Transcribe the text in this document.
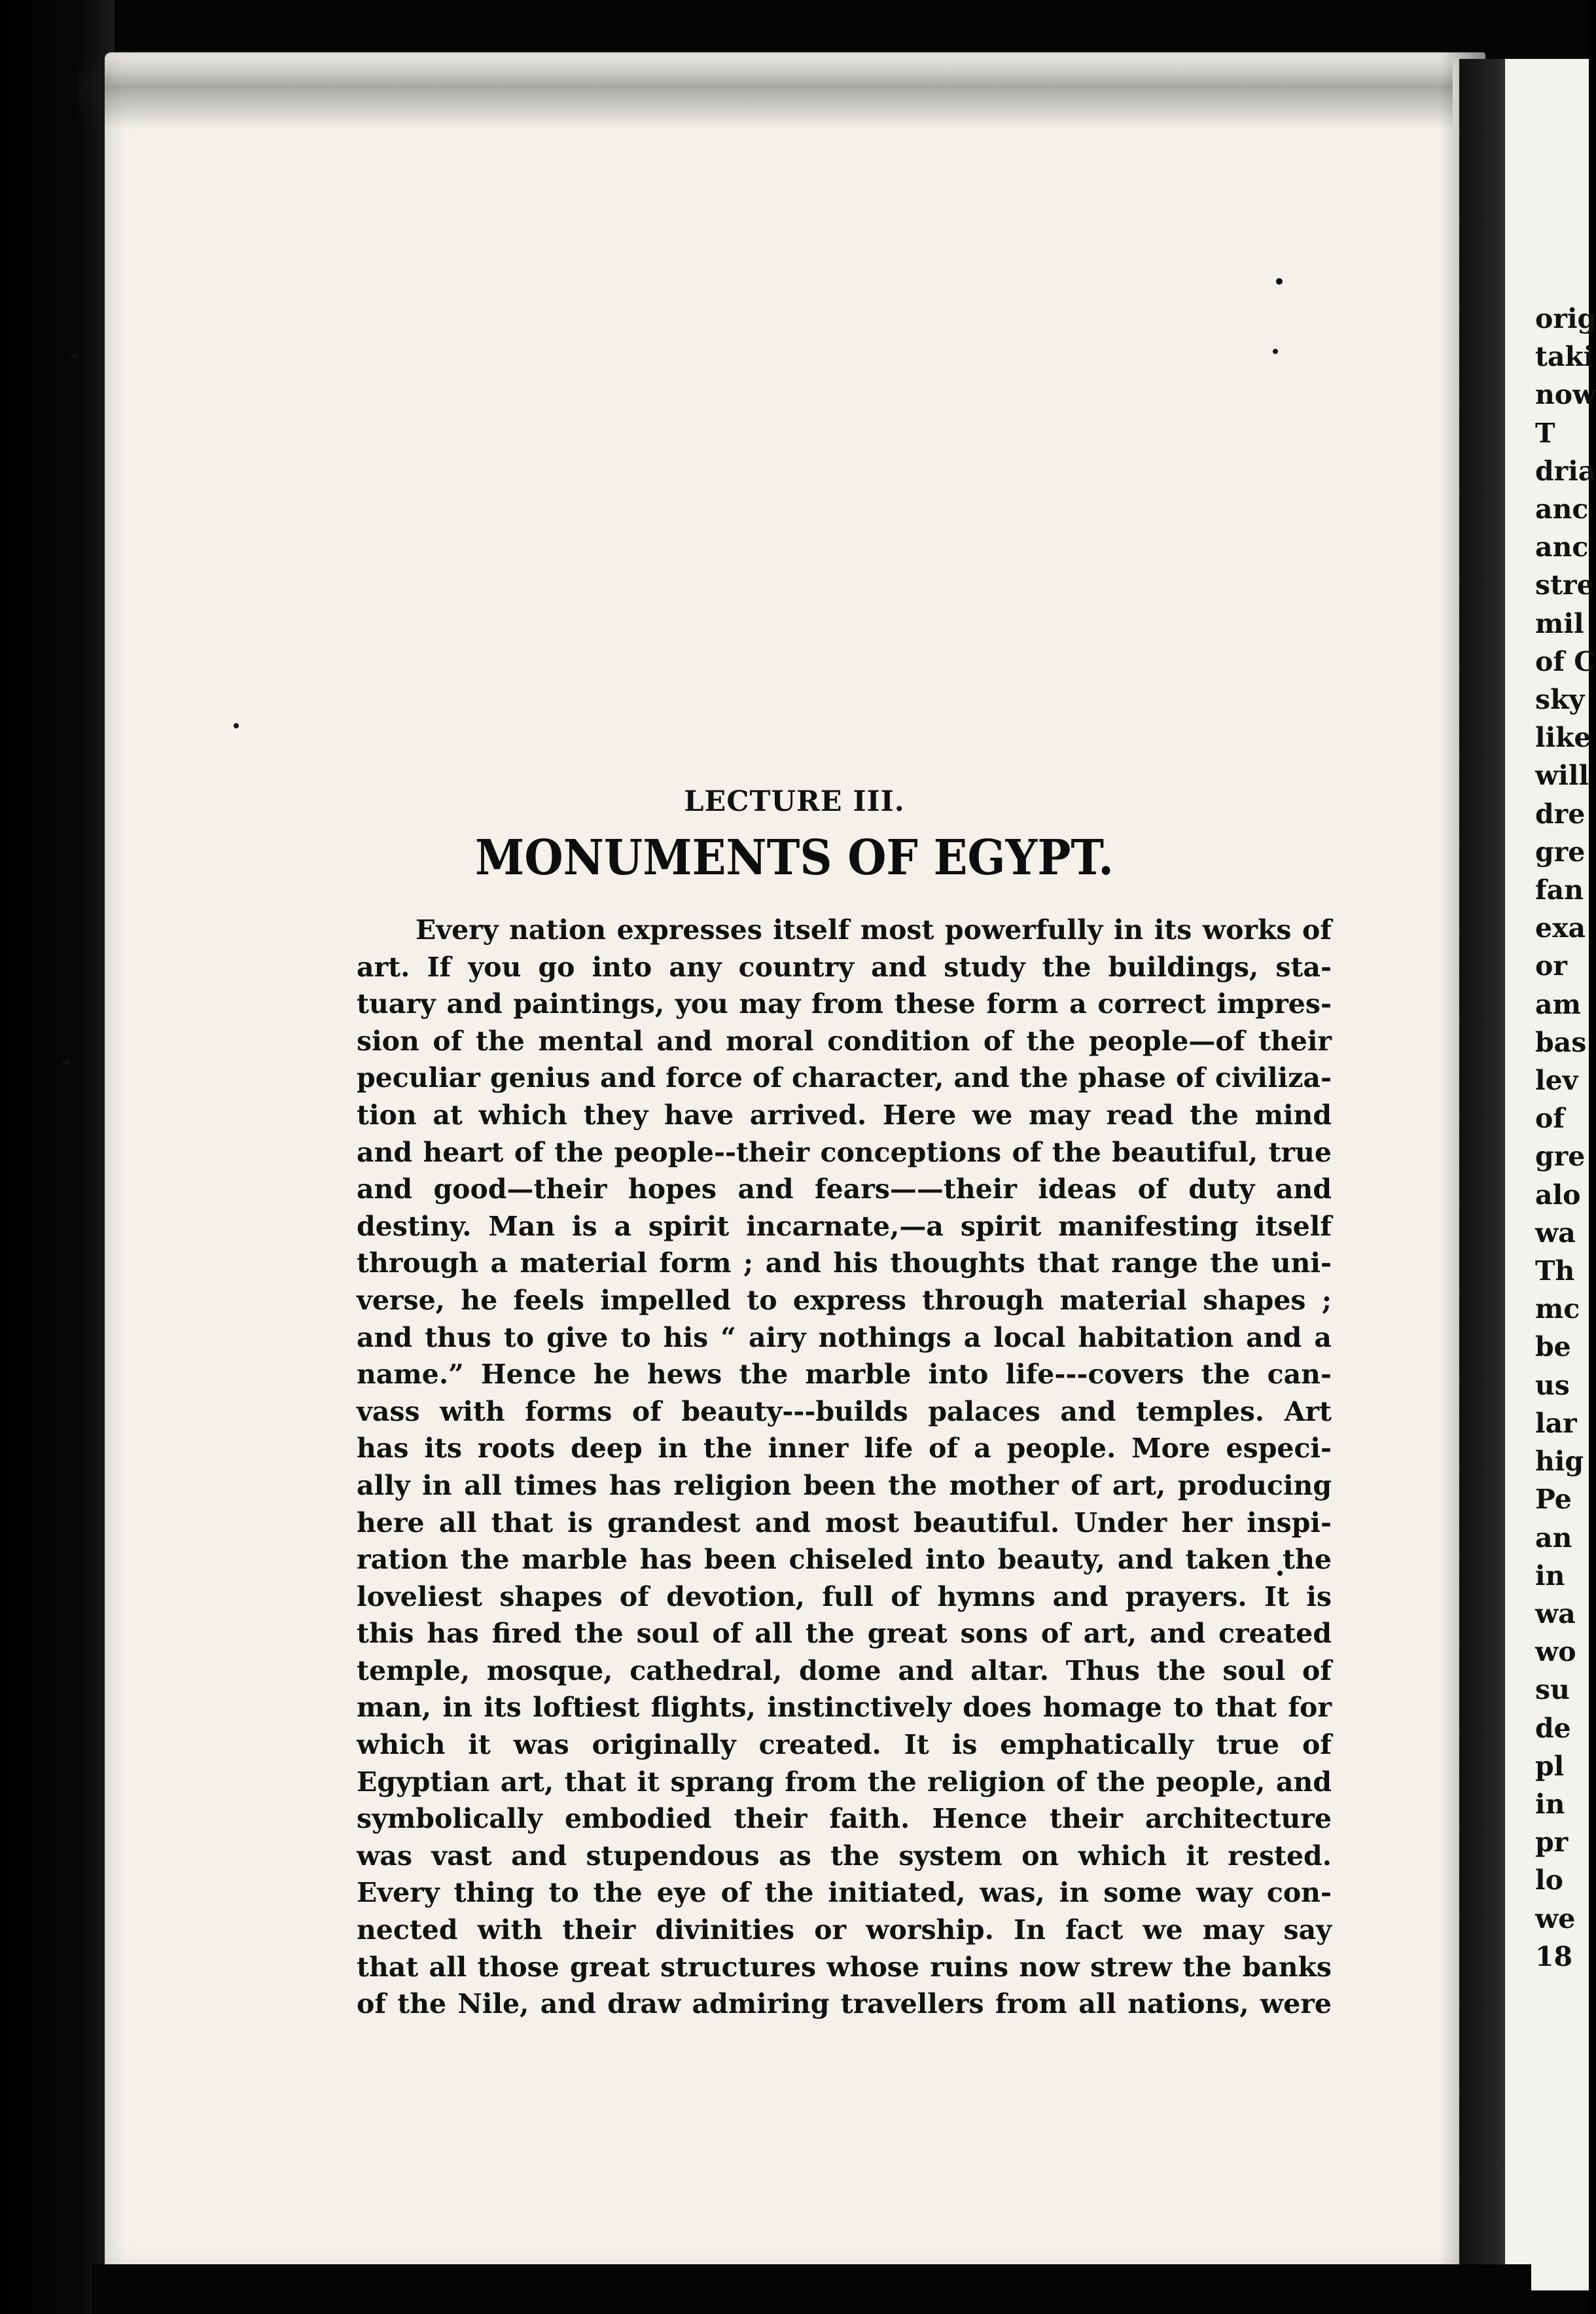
LECTURE III.
MONUMENTS OF EGYPT.
Every nation expresses itself most powerfully in its works of
art. If you go into any country and study the buildings, sta-
tuary and paintings, you may from these form a correct impres-
sion of the mental and moral condition of the people—of their
peculiar genius and force of character, and the phase of civiliza-
tion at which they have arrived. Here we may read the mind
and heart of the people--their conceptions of the beautiful, true
and good—their hopes and fears——their ideas of duty and
destiny. Man is a spirit incarnate,—a spirit manifesting itself
through a material form ; and his thoughts that range the uni-
verse, he feels impelled to express through material shapes ;
and thus to give to his “ airy nothings a local habitation and a
name.” Hence he hews the marble into life---covers the can-
vass with forms of beauty---builds palaces and temples. Art
has its roots deep in the inner life of a people. More especi-
ally in all times has religion been the mother of art, producing
here all that is grandest and most beautiful. Under her inspi-
ration the marble has been chiseled into beauty, and taken the
loveliest shapes of devotion, full of hymns and prayers. It is
this has fired the soul of all the great sons of art, and created
temple, mosque, cathedral, dome and altar. Thus the soul of
man, in its loftiest flights, instinctively does homage to that for
which it was originally created. It is emphatically true of
Egyptian art, that it sprang from the religion of the people, and
symbolically embodied their faith. Hence their architecture
was vast and stupendous as the system on which it rested.
Every thing to the eye of the initiated, was, in some way con-
nected with their divinities or worship. In fact we may say
that all those great structures whose ruins now strew the banks
of the Nile, and draw admiring travellers from all nations, were
orig
taki
now
T
dria
anc
anc
stre
mil
of C
sky
like
will
dre
gre
fan
exa
or
am
bas
lev
of
gre
alo
wa
Th
mc
be
us
lar
hig
Pe
an
in
wa
wo
su
de
pl
in
pr
lo
we
18
